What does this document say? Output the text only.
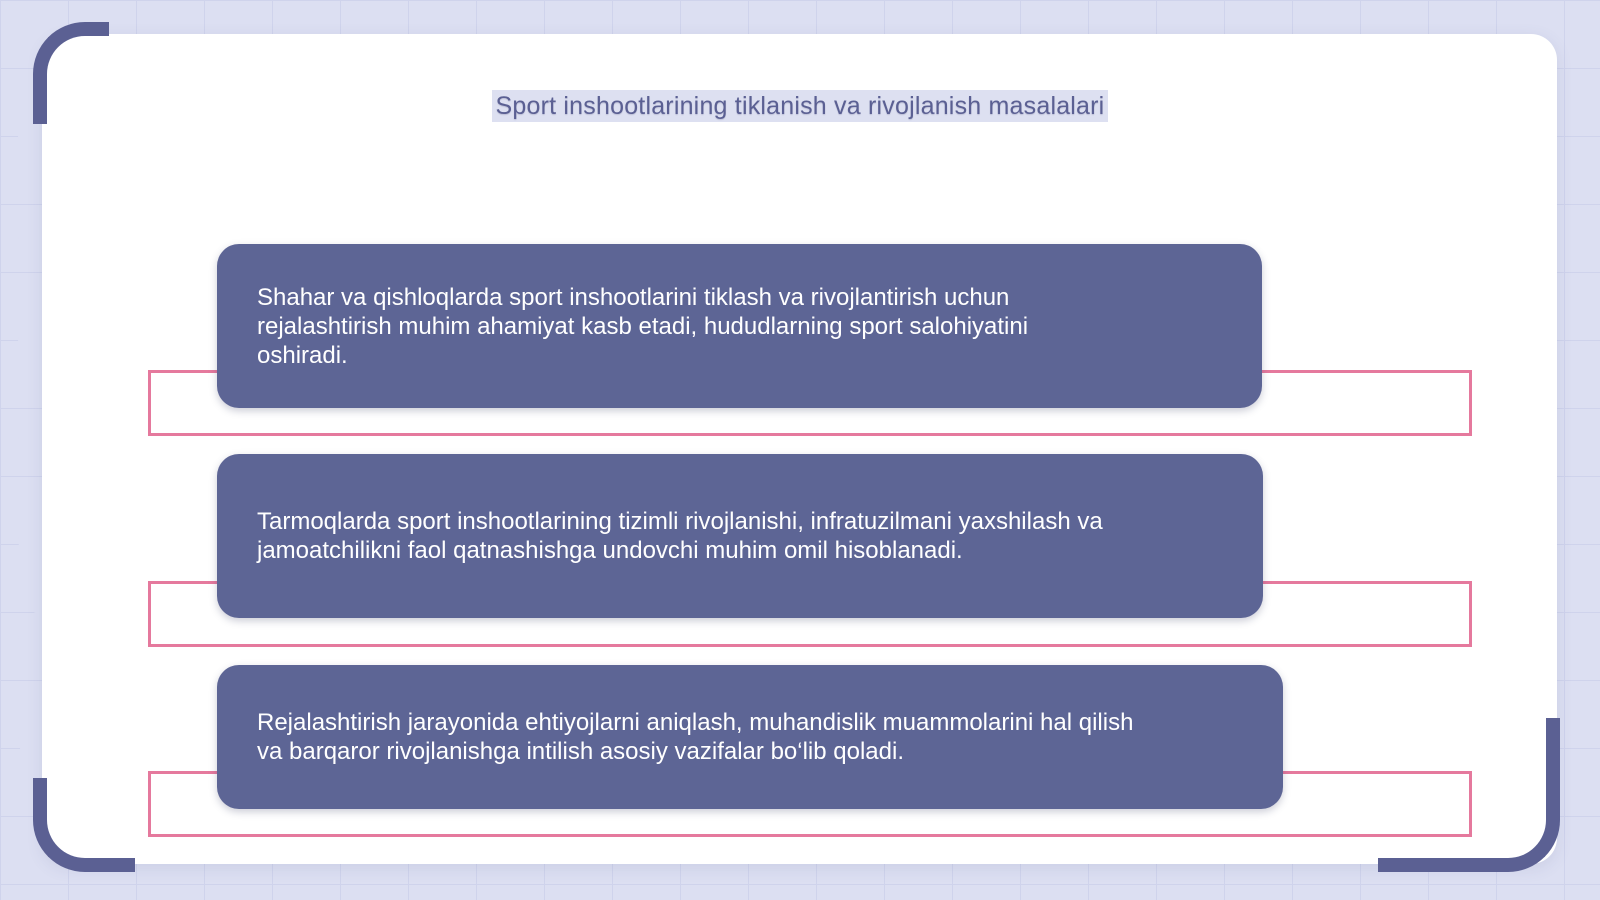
Sport inshootlarining tiklanish va rivojlanish masalalari
Shahar va qishloqlarda sport inshootlarini tiklash va rivojlantirish uchun
rejalashtirish muhim ahamiyat kasb etadi, hududlarning sport salohiyatini
oshiradi.
Tarmoqlarda sport inshootlarining tizimli rivojlanishi, infratuzilmani yaxshilash va
jamoatchilikni faol qatnashishga undovchi muhim omil hisoblanadi.
Rejalashtirish jarayonida ehtiyojlarni aniqlash, muhandislik muammolarini hal qilish
va barqaror rivojlanishga intilish asosiy vazifalar bo‘lib qoladi.
